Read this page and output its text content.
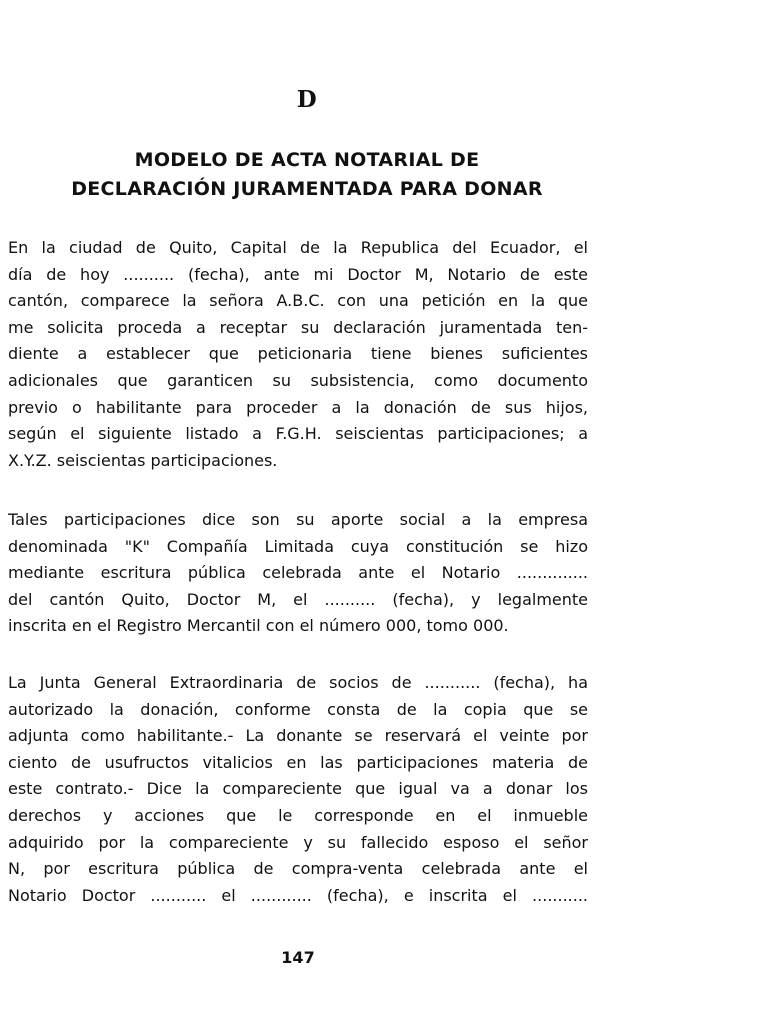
D
MODELO DE ACTA NOTARIAL DE
DECLARACIÓN JURAMENTADA PARA DONAR
En la ciudad de Quito, Capital de la Republica del Ecuador, el
día de hoy .......... (fecha), ante mi Doctor M, Notario de este
cantón, comparece la señora A.B.C. con una petición en la que
me solicita proceda a receptar su declaración juramentada ten-
diente a establecer que peticionaria tiene bienes suficientes
adicionales que garanticen su subsistencia, como documento
previo o habilitante para proceder a la donación de sus hijos,
según el siguiente listado a F.G.H. seiscientas participaciones; a
X.Y.Z. seiscientas participaciones.
Tales participaciones dice son su aporte social a la empresa
denominada "K" Compañía Limitada cuya constitución se hizo
mediante escritura pública celebrada ante el Notario ..............
del cantón Quito, Doctor M, el .......... (fecha), y legalmente
inscrita en el Registro Mercantil con el número 000, tomo 000.
La Junta General Extraordinaria de socios de ........... (fecha), ha
autorizado la donación, conforme consta de la copia que se
adjunta como habilitante.- La donante se reservará el veinte por
ciento de usufructos vitalicios en las participaciones materia de
este contrato.- Dice la compareciente que igual va a donar los
derechos y acciones que le corresponde en el inmueble
adquirido por la compareciente y su fallecido esposo el señor
N, por escritura pública de compra-venta celebrada ante el
Notario Doctor ........... el ............ (fecha), e inscrita el ...........
147
